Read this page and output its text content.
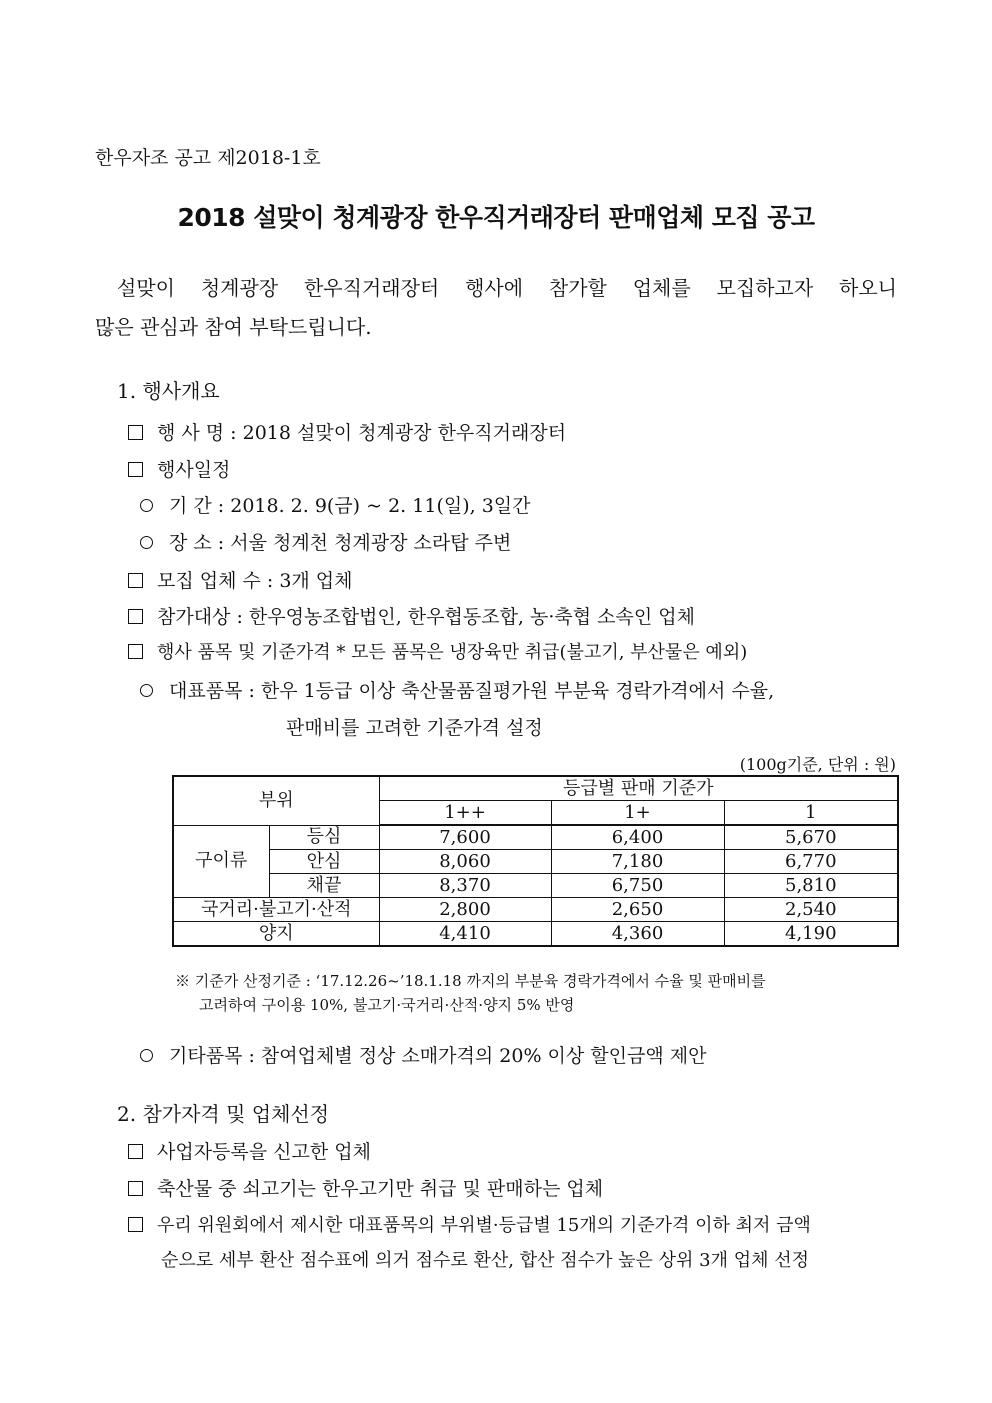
한우자조 공고 제2018-1호
2018 설맞이 청계광장 한우직거래장터 판매업체 모집 공고
설맞이 청계광장 한우직거래장터 행사에 참가할 업체를 모집하고자 하오니
많은 관심과 참여 부탁드립니다.
1. 행사개요
행 사 명 : 2018 설맞이 청계광장 한우직거래장터
행사일정
기 간 : 2018. 2. 9(금) ~ 2. 11(일), 3일간
장 소 : 서울 청계천 청계광장 소라탑 주변
모집 업체 수 : 3개 업체
참가대상 : 한우영농조합법인, 한우협동조합, 농·축협 소속인 업체
행사 품목 및 기준가격 * 모든 품목은 냉장육만 취급(불고기, 부산물은 예외)
대표품목 : 한우 1등급 이상 축산물품질평가원 부분육 경락가격에서 수율,
판매비를 고려한 기준가격 설정
(100g기준, 단위 : 원)
부위		등급별 판매 기준가		
		1++	1+	1
구이류	등심	7,600	6,400	5,670
	안심	8,060	7,180	6,770
	채끝	8,370	6,750	5,810
국거리·불고기·산적		2,800	2,650	2,540
양지		4,410	4,360	4,190
※ 기준가 산정기준 : ‘17.12.26~’18.1.18 까지의 부분육 경락가격에서 수율 및 판매비를
고려하여 구이용 10%, 불고기·국거리·산적·양지 5% 반영
기타품목 : 참여업체별 정상 소매가격의 20% 이상 할인금액 제안
2. 참가자격 및 업체선정
사업자등록을 신고한 업체
축산물 중 쇠고기는 한우고기만 취급 및 판매하는 업체
우리 위원회에서 제시한 대표품목의 부위별·등급별 15개의 기준가격 이하 최저 금액
순으로 세부 환산 점수표에 의거 점수로 환산, 합산 점수가 높은 상위 3개 업체 선정
